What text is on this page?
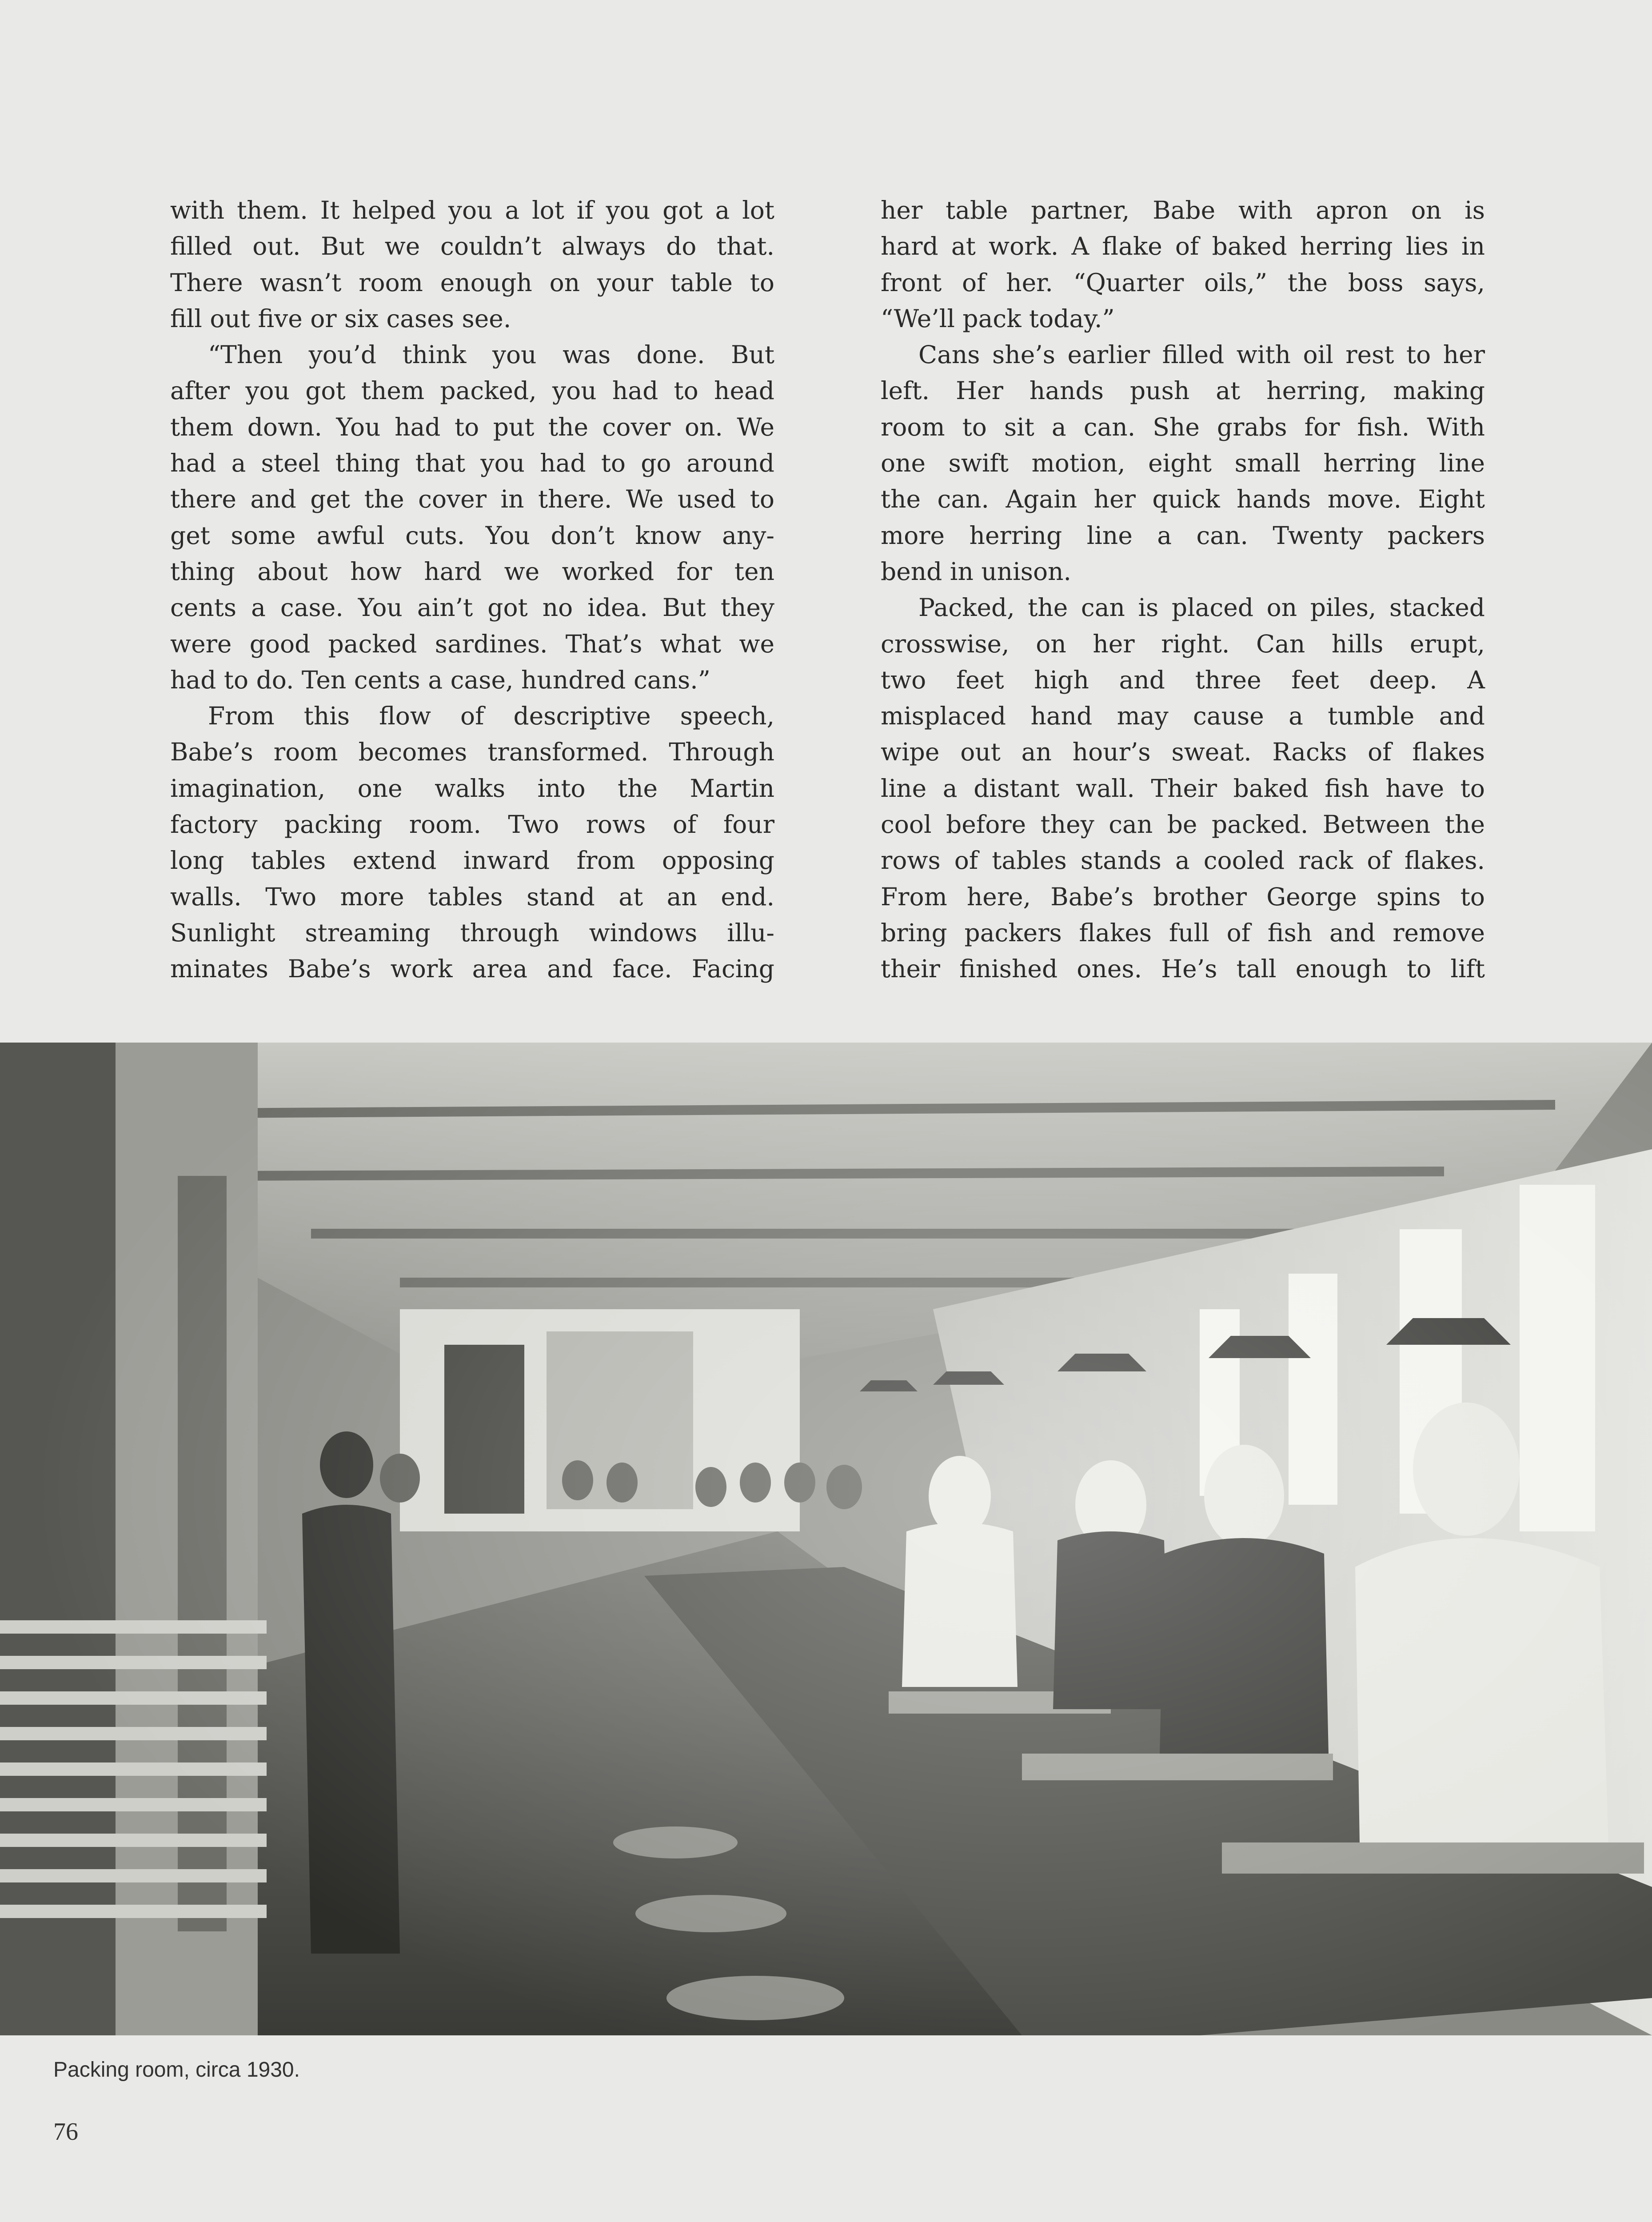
with them. It helped you a lot if you got a lot
filled out. But we couldn’t always do that.
There wasn’t room enough on your table to
fill out five or six cases see.
“Then you’d think you was done. But
after you got them packed, you had to head
them down. You had to put the cover on. We
had a steel thing that you had to go around
there and get the cover in there. We used to
get some awful cuts. You don’t know any-
thing about how hard we worked for ten
cents a case. You ain’t got no idea. But they
were good packed sardines. That’s what we
had to do. Ten cents a case, hundred cans.”
From this flow of descriptive speech,
Babe’s room becomes transformed. Through
imagination, one walks into the Martin
factory packing room. Two rows of four
long tables extend inward from opposing
walls. Two more tables stand at an end.
Sunlight streaming through windows illu-
minates Babe’s work area and face. Facing
her table partner, Babe with apron on is
hard at work. A flake of baked herring lies in
front of her. “Quarter oils,” the boss says,
“We’ll pack today.”
Cans she’s earlier filled with oil rest to her
left. Her hands push at herring, making
room to sit a can. She grabs for fish. With
one swift motion, eight small herring line
the can. Again her quick hands move. Eight
more herring line a can. Twenty packers
bend in unison.
Packed, the can is placed on piles, stacked
crosswise, on her right. Can hills erupt,
two feet high and three feet deep. A
misplaced hand may cause a tumble and
wipe out an hour’s sweat. Racks of flakes
line a distant wall. Their baked fish have to
cool before they can be packed. Between the
rows of tables stands a cooled rack of flakes.
From here, Babe’s brother George spins to
bring packers flakes full of fish and remove
their finished ones. He’s tall enough to lift
Packing room, circa 1930.
76
